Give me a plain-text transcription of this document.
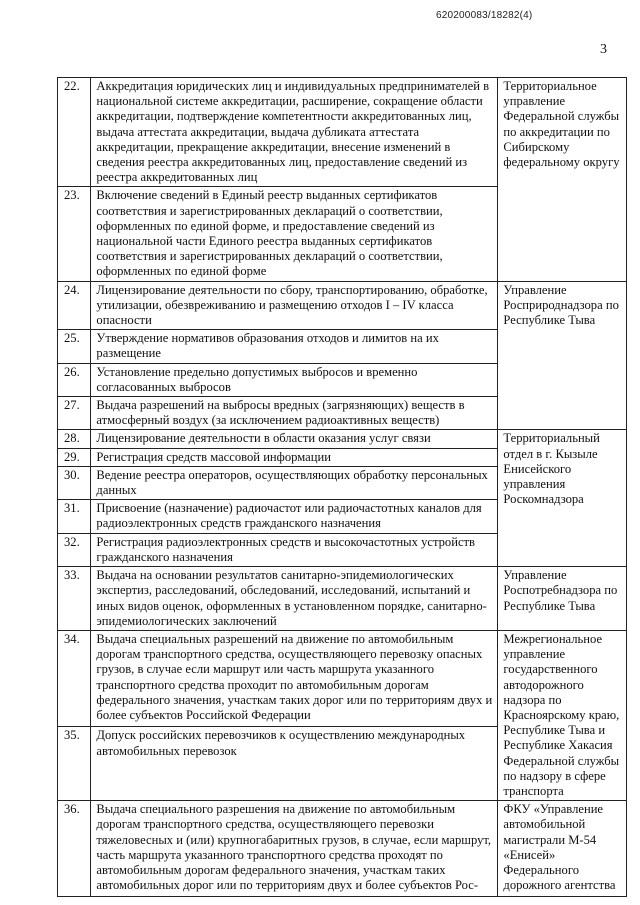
620200083/18282(4)
3
22.	Аккредитация юридических лиц и индивидуальных предпринимателей в национальной системе аккредитации, расширение, сокращение области аккредитации, подтверждение компетентности аккредитованных лиц, выдача аттестата аккредитации, выдача дубликата аттестата аккредитации, прекращение аккредитации, внесение изменений в сведения реестра аккредитованных лиц, предоставление сведений из реестра аккредитованных лиц	Территориальное управление Федеральной службы по аккредитации по Сибирскому федеральному округу
23.	Включение сведений в Единый реестр выданных сертификатов соответствия и зарегистрированных деклараций о соответствии, оформленных по единой форме, и предоставление сведений из национальной части Единого реестра выданных сертификатов соответствия и зарегистрированных деклараций о соответствии, оформленных по единой форме	
24.	Лицензирование деятельности по сбору, транспортированию, обработке, утилизации, обезвреживанию и размещению отходов I – IV класса опасности	Управление Росприроднадзора по Республике Тыва
25.	Утверждение нормативов образования отходов и лимитов на их размещение	
26.	Установление предельно допустимых выбросов и временно согласованных выбросов	
27.	Выдача разрешений на выбросы вредных (загрязняющих) веществ в атмосферный воздух (за исключением радиоактивных веществ)	
28.	Лицензирование деятельности в области оказания услуг связи	Территориальный отдел в г. Кызыле Енисейского управления Роскомнадзора
29.	Регистрация средств массовой информации	
30.	Ведение реестра операторов, осуществляющих обработку персональных данных	
31.	Присвоение (назначение) радиочастот или радиочастотных каналов для радиоэлектронных средств гражданского назначения	
32.	Регистрация радиоэлектронных средств и высокочастотных устройств гражданского назначения	
33.	Выдача на основании результатов санитарно-эпидемиологических экспертиз, расследований, обследований, исследований, испытаний и иных видов оценок, оформленных в установленном порядке, санитарно-эпидемиологических заключений	Управление Роспотребнадзора по Республике Тыва
34.	Выдача специальных разрешений на движение по автомобильным дорогам транспортного средства, осуществляющего перевозку опасных грузов, в случае если маршрут или часть маршрута указанного транспортного средства проходит по автомобильным дорогам федерального значения, участкам таких дорог или по территориям двух и более субъектов Российской Федерации	Межрегиональное управление государственного автодорожного надзора по Красноярскому краю, Республике Тыва и Республике Хакасия Федеральной службы по надзору в сфере транспорта
35.	Допуск российских перевозчиков к осуществлению международных автомобильных перевозок	
36.	Выдача специального разрешения на движение по автомобильным дорогам транспортного средства, осуществляющего перевозки тяжеловесных и (или) крупногабаритных грузов, в случае, если маршрут, часть маршрута указанного транспортного средства проходят по автомобильным дорогам федерального значения, участкам таких автомобильных дорог или по территориям двух и более субъектов Рос-	ФКУ «Управление автомобильной магистрали М-54 «Енисей» Федерального дорожного агентства
